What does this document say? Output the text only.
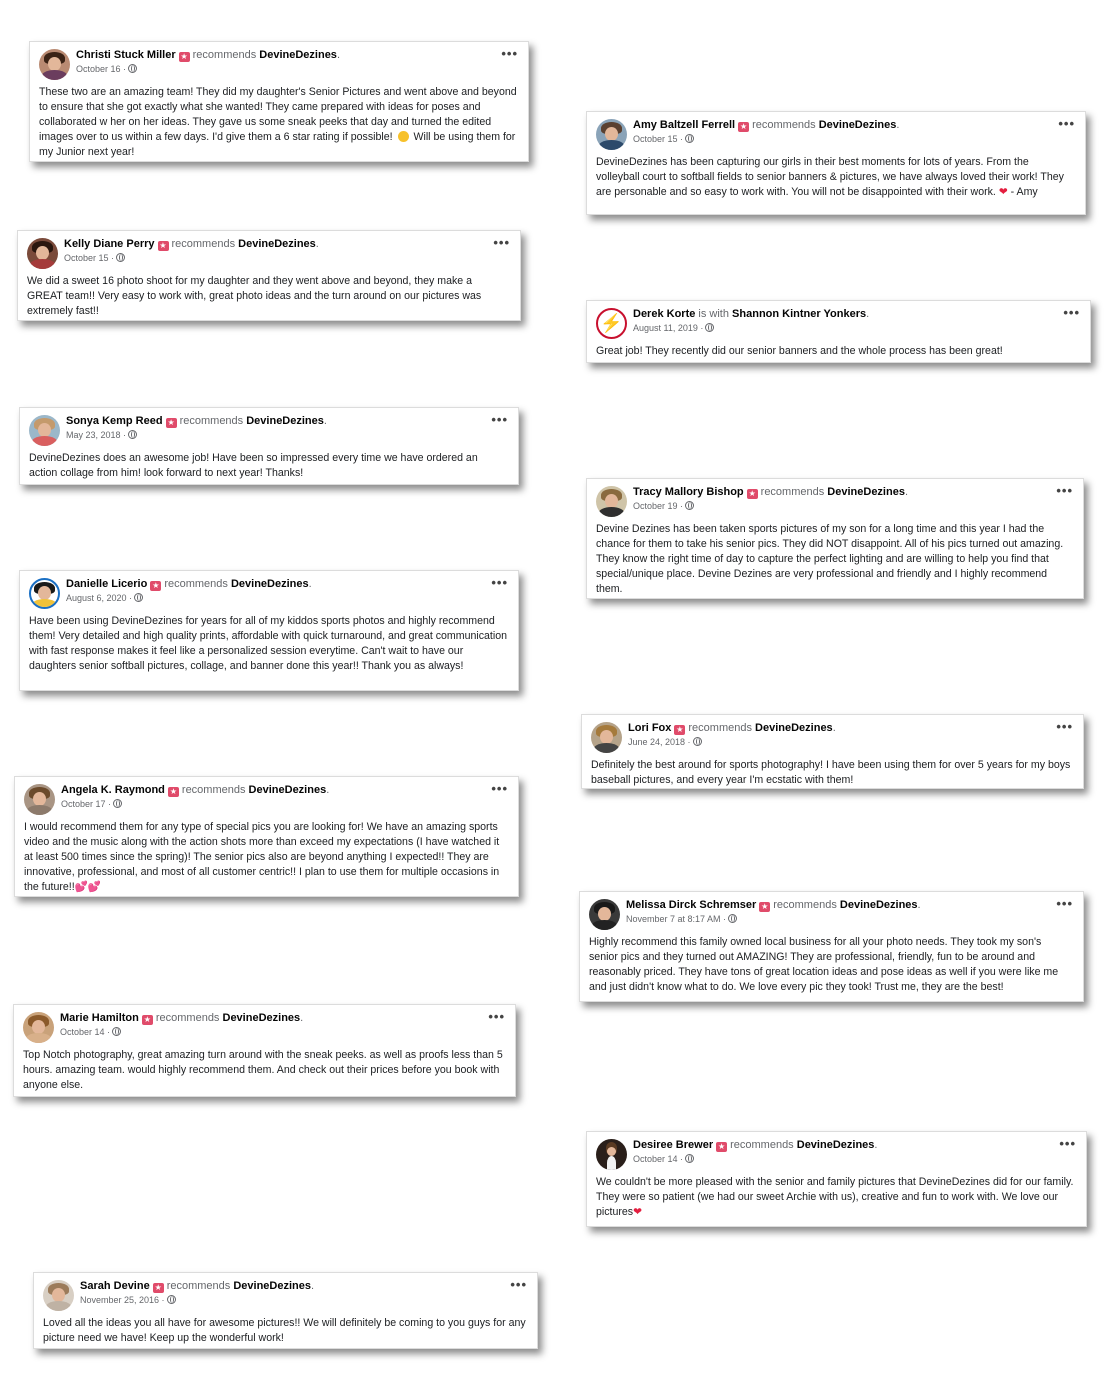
Christi Stuck Miller ★ recommends DevineDezines.
October 16 ·
•••
These two are an amazing team! They did my daughter's Senior Pictures and went above and beyond to ensure that she got exactly what she wanted! They came prepared with ideas for poses and collaborated w her on her ideas. They gave us some sneak peeks that day and turned the edited images over to us within a few days. I'd give them a 6 star rating if possible! Will be using them for my Junior next year!
Amy Baltzell Ferrell ★ recommends DevineDezines.
October 15 ·
•••
DevineDezines has been capturing our girls in their best moments for lots of years. From the volleyball court to softball fields to senior banners & pictures, we have always loved their work! They are personable and so easy to work with. You will not be disappointed with their work. ❤ - Amy
Kelly Diane Perry ★ recommends DevineDezines.
October 15 ·
•••
We did a sweet 16 photo shoot for my daughter and they went above and beyond, they make a GREAT team!! Very easy to work with, great photo ideas and the turn around on our pictures was extremely fast!!
⚡ Derek Korte is with Shannon Kintner Yonkers.
August 11, 2019 ·
•••
Great job! They recently did our senior banners and the whole process has been great!
Sonya Kemp Reed ★ recommends DevineDezines.
May 23, 2018 ·
•••
DevineDezines does an awesome job! Have been so impressed every time we have ordered an action collage from him! look forward to next year! Thanks!
Tracy Mallory Bishop ★ recommends DevineDezines.
October 19 ·
•••
Devine Dezines has been taken sports pictures of my son for a long time and this year I had the chance for them to take his senior pics. They did NOT disappoint. All of his pics turned out amazing. They know the right time of day to capture the perfect lighting and are willing to help you find that special/unique place. Devine Dezines are very professional and friendly and I highly recommend them.
Danielle Licerio ★ recommends DevineDezines.
August 6, 2020 ·
•••
Have been using DevineDezines for years for all of my kiddos sports photos and highly recommend them! Very detailed and high quality prints, affordable with quick turnaround, and great communication with fast response makes it feel like a personalized session everytime. Can't wait to have our daughters senior softball pictures, collage, and banner done this year!! Thank you as always!
Lori Fox ★ recommends DevineDezines.
June 24, 2018 ·
•••
Definitely the best around for sports photography! I have been using them for over 5 years for my boys baseball pictures, and every year I'm ecstatic with them!
Angela K. Raymond ★ recommends DevineDezines.
October 17 ·
•••
I would recommend them for any type of special pics you are looking for! We have an amazing sports video and the music along with the action shots more than exceed my expectations (I have watched it at least 500 times since the spring)! The senior pics also are beyond anything I expected!! They are innovative, professional, and most of all customer centric!! I plan to use them for multiple occasions in the future!!💕💕
Melissa Dirck Schremser ★ recommends DevineDezines.
November 7 at 8:17 AM ·
•••
Highly recommend this family owned local business for all your photo needs. They took my son's senior pics and they turned out AMAZING! They are professional, friendly, fun to be around and reasonably priced. They have tons of great location ideas and pose ideas as well if you were like me and just didn't know what to do. We love every pic they took! Trust me, they are the best!
Marie Hamilton ★ recommends DevineDezines.
October 14 ·
•••
Top Notch photography, great amazing turn around with the sneak peeks. as well as proofs less than 5 hours. amazing team. would highly recommend them. And check out their prices before you book with anyone else.
Desiree Brewer ★ recommends DevineDezines.
October 14 ·
•••
We couldn't be more pleased with the senior and family pictures that DevineDezines did for our family. They were so patient (we had our sweet Archie with us), creative and fun to work with. We love our pictures❤
Sarah Devine ★ recommends DevineDezines.
November 25, 2016 ·
•••
Loved all the ideas you all have for awesome pictures!! We will definitely be coming to you guys for any picture need we have! Keep up the wonderful work!
